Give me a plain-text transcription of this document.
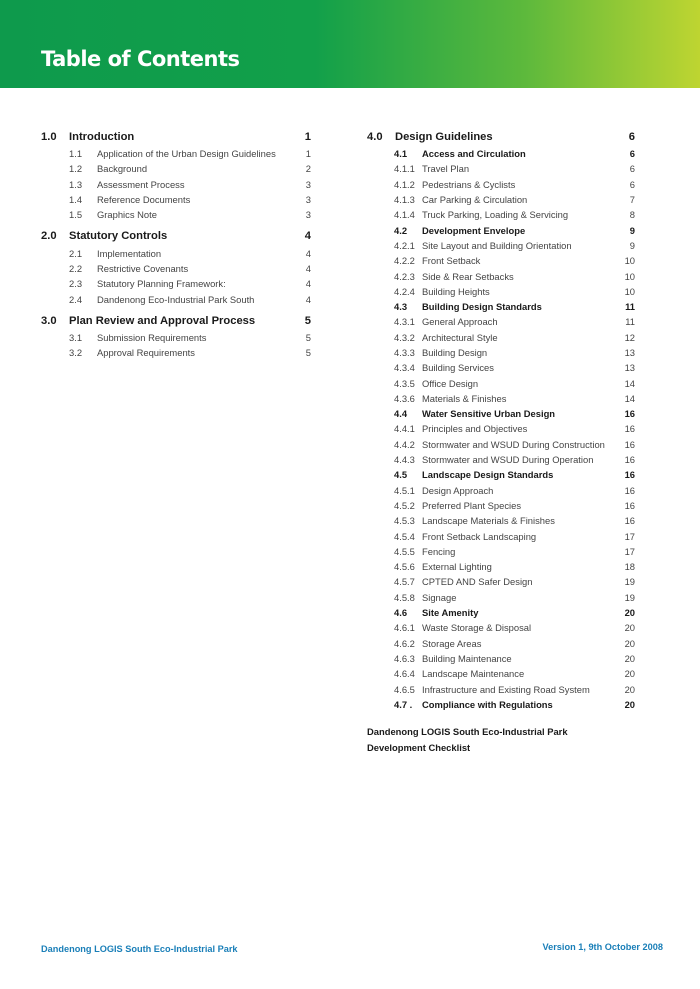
Table of Contents
1.0	Introduction	1
1.1	Application of the Urban Design Guidelines	1
1.2	Background	2
1.3	Assessment Process	3
1.4	Reference Documents	3
1.5	Graphics Note	3
2.0	Statutory Controls	4
2.1	Implementation	4
2.2	Restrictive Covenants	4
2.3	Statutory Planning Framework:	4
2.4	Dandenong Eco-Industrial Park South	4
3.0	Plan Review and Approval Process	5
3.1	Submission Requirements	5
3.2	Approval Requirements	5
4.0	Design Guidelines	6
4.1	Access and Circulation	6
4.1.1 Travel Plan	6
4.1.2 Pedestrians & Cyclists	6
4.1.3 Car Parking & Circulation	7
4.1.4 Truck Parking, Loading & Servicing	8
4.2	Development Envelope	9
4.2.1 Site Layout and Building Orientation	9
4.2.2 Front Setback	10
4.2.3 Side & Rear Setbacks	10
4.2.4 Building Heights	10
4.3	Building Design Standards	11
4.3.1 General Approach	11
4.3.2 Architectural Style	12
4.3.3 Building Design	13
4.3.4 Building Services	13
4.3.5 Office Design	14
4.3.6 Materials & Finishes	14
4.4	Water Sensitive Urban Design	16
4.4.1 Principles and Objectives	16
4.4.2 Stormwater and WSUD During Construction	16
4.4.3 Stormwater and WSUD During Operation	16
4.5	Landscape Design Standards	16
4.5.1 Design Approach	16
4.5.2 Preferred Plant Species	16
4.5.3 Landscape Materials & Finishes	16
4.5.4 Front Setback Landscaping	17
4.5.5 Fencing	17
4.5.6 External Lighting	18
4.5.7 CPTED AND Safer Design	19
4.5.8 Signage	19
4.6	Site Amenity	20
4.6.1 Waste Storage & Disposal	20
4.6.2 Storage Areas	20
4.6.3 Building Maintenance	20
4.6.4 Landscape Maintenance	20
4.6.5 Infrastructure and Existing Road System	20
4.7 .	Compliance with Regulations	20
Dandenong LOGIS South Eco-Industrial Park
Development Checklist
Dandenong LOGIS South Eco-Industrial Park	Version 1, 9th October 2008
